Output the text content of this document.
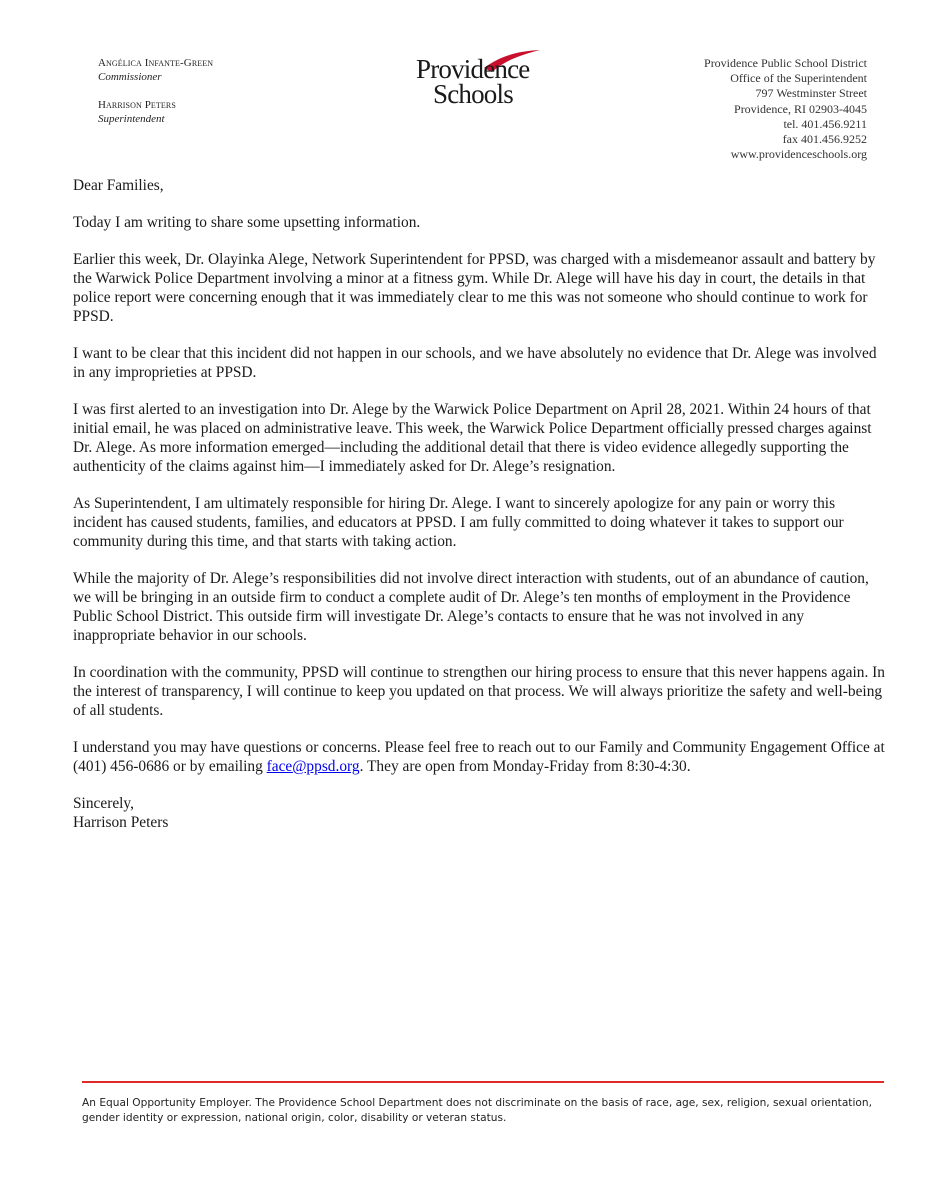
Angélica Infante-Green
Commissioner
Harrison Peters
Superintendent
Providence
Schools
Providence Public School District
Office of the Superintendent
797 Westminster Street
Providence, RI 02903-4045
tel. 401.456.9211
fax 401.456.9252
www.providenceschools.org

Dear Families,

Today I am writing to share some upsetting information.

Earlier this week, Dr. Olayinka Alege, Network Superintendent for PPSD, was charged with a misdemeanor assault and battery by the Warwick Police Department involving a minor at a fitness gym. While Dr. Alege will have his day in court, the details in that police report were concerning enough that it was immediately clear to me this was not someone who should continue to work for PPSD.

I want to be clear that this incident did not happen in our schools, and we have absolutely no evidence that Dr. Alege was involved in any improprieties at PPSD.

I was first alerted to an investigation into Dr. Alege by the Warwick Police Department on April 28, 2021. Within 24 hours of that initial email, he was placed on administrative leave. This week, the Warwick Police Department officially pressed charges against Dr. Alege. As more information emerged—including the additional detail that there is video evidence allegedly supporting the authenticity of the claims against him—I immediately asked for Dr. Alege’s resignation.

As Superintendent, I am ultimately responsible for hiring Dr. Alege. I want to sincerely apologize for any pain or worry this incident has caused students, families, and educators at PPSD. I am fully committed to doing whatever it takes to support our community during this time, and that starts with taking action.

While the majority of Dr. Alege’s responsibilities did not involve direct interaction with students, out of an abundance of caution, we will be bringing in an outside firm to conduct a complete audit of Dr. Alege’s ten months of employment in the Providence Public School District. This outside firm will investigate Dr. Alege’s contacts to ensure that he was not involved in any inappropriate behavior in our schools.

In coordination with the community, PPSD will continue to strengthen our hiring process to ensure that this never happens again. In the interest of transparency, I will continue to keep you updated on that process. We will always prioritize the safety and well-being of all students.

I understand you may have questions or concerns. Please feel free to reach out to our Family and Community Engagement Office at (401) 456-0686 or by emailing face@ppsd.org. They are open from Monday-Friday from 8:30-4:30.

Sincerely,
Harrison Peters
An Equal Opportunity Employer. The Providence School Department does not discriminate on the basis of race, age, sex, religion, sexual orientation, gender identity or expression, national origin, color, disability or veteran status.
